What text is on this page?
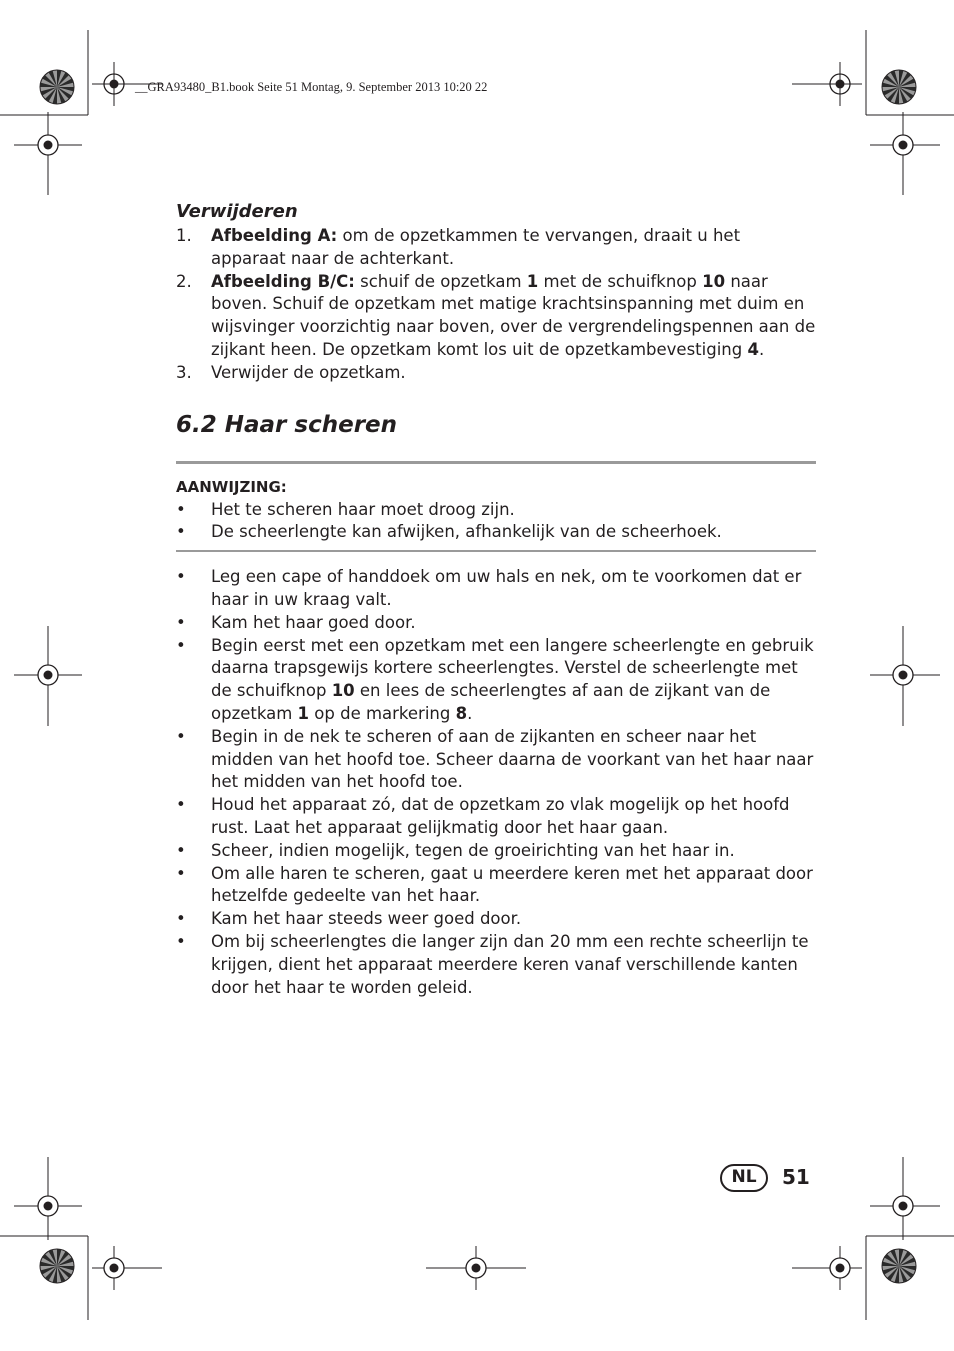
__GRA93480_B1.book Seite 51 Montag, 9. September 2013 10:20 22
Verwijderen
1. Afbeelding A: om de opzetkammen te vervangen, draait u het apparaat naar de achterkant.
2. Afbeelding B/C: schuif de opzetkam 1 met de schuifknop 10 naar boven. Schuif de opzetkam met matige krachtsinspanning met duim en wijsvinger voorzichtig naar boven, over de vergrendelingspennen aan de zijkant heen. De opzetkam komt los uit de opzetkambevestiging 4.
3. Verwijder de opzetkam.
6.2 Haar scheren
AANWIJZING:
• Het te scheren haar moet droog zijn.
• De scheerlengte kan afwijken, afhankelijk van de scheerhoek.
• Leg een cape of handdoek om uw hals en nek, om te voorkomen dat er haar in uw kraag valt.
• Kam het haar goed door.
• Begin eerst met een opzetkam met een langere scheerlengte en gebruik daarna trapsgewijs kortere scheerlengtes. Verstel de scheerlengte met de schuifknop 10 en lees de scheerlengtes af aan de zijkant van de opzetkam 1 op de markering 8.
• Begin in de nek te scheren of aan de zijkanten en scheer naar het midden van het hoofd toe. Scheer daarna de voorkant van het haar naar het midden van het hoofd toe.
• Houd het apparaat zó, dat de opzetkam zo vlak mogelijk op het hoofd rust. Laat het apparaat gelijkmatig door het haar gaan.
• Scheer, indien mogelijk, tegen de groeirichting van het haar in.
• Om alle haren te scheren, gaat u meerdere keren met het apparaat door hetzelfde gedeelte van het haar.
• Kam het haar steeds weer goed door.
• Om bij scheerlengtes die langer zijn dan 20 mm een rechte scheerlijn te krijgen, dient het apparaat meerdere keren vanaf verschillende kanten door het haar te worden geleid.
NL	51
